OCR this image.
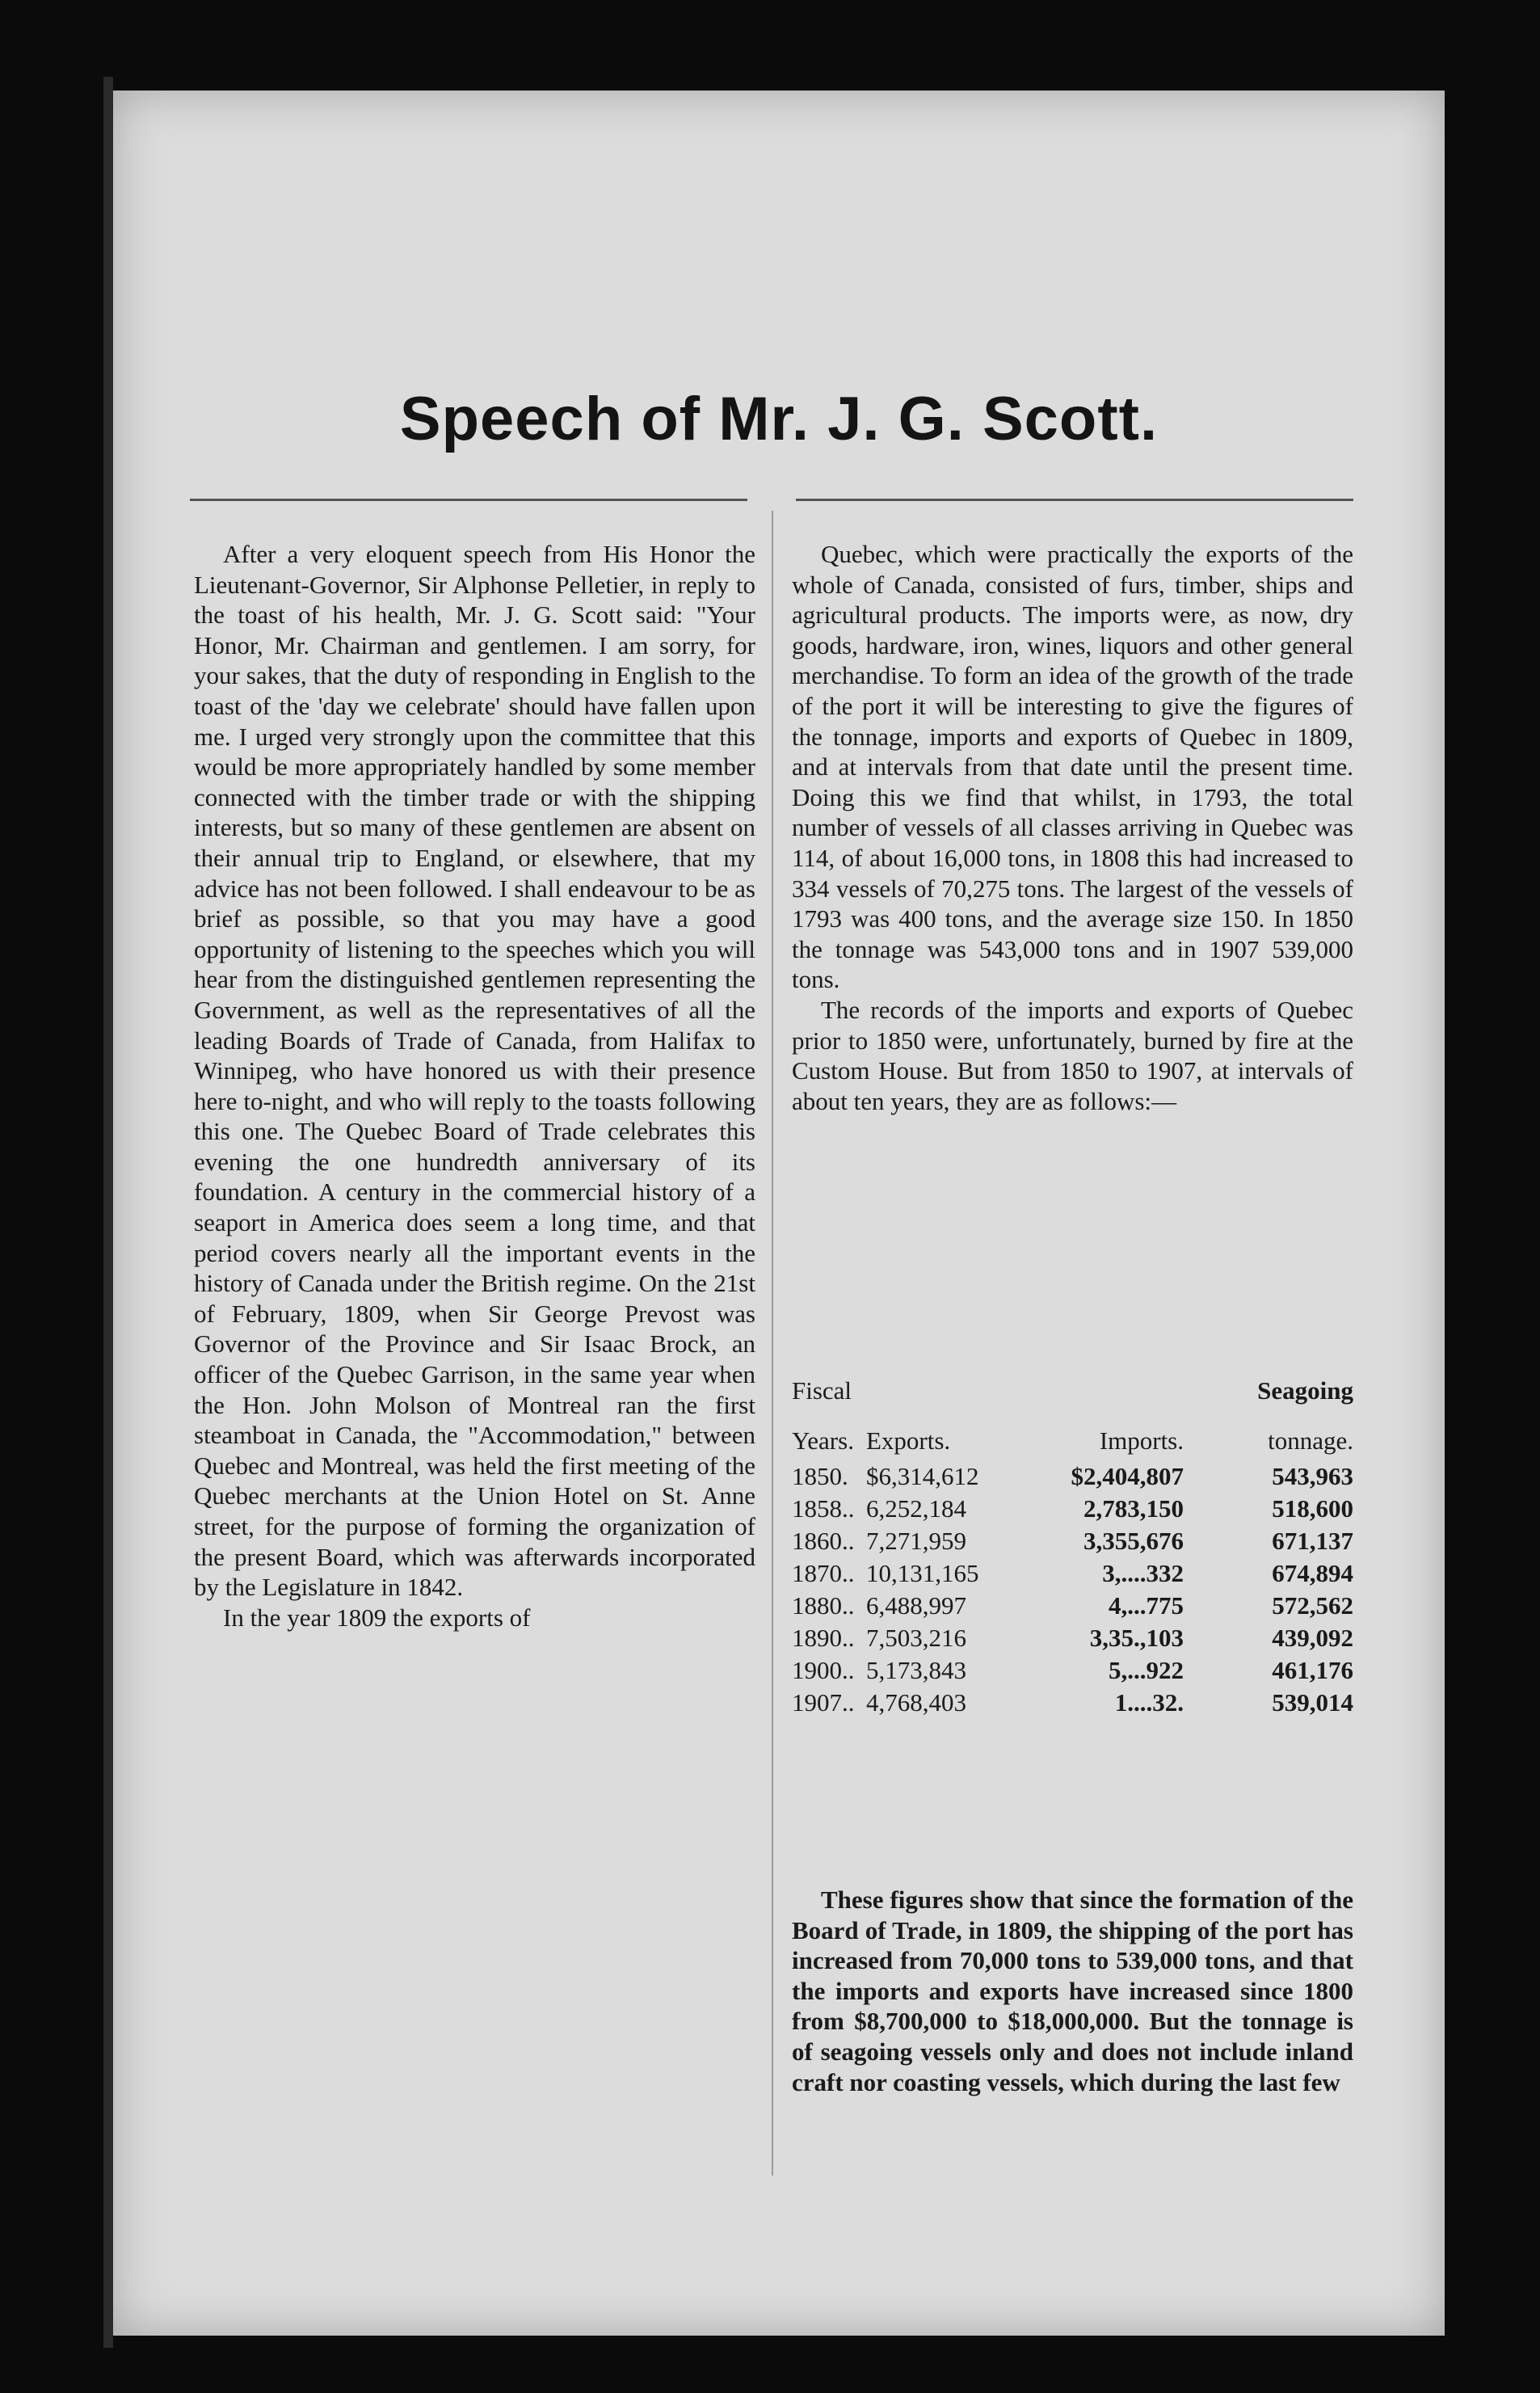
Speech of Mr. J. G. Scott.

After a very eloquent speech from His Honor the Lieutenant-Governor, Sir Alphonse Pelletier, in reply to the toast of his health, Mr. J. G. Scott said: "Your Honor, Mr. Chairman and gentlemen. I am sorry, for your sakes, that the duty of responding in English to the toast of the 'day we celebrate' should have fallen upon me. I urged very strongly upon the committee that this would be more appropriately handled by some member connected with the timber trade or with the shipping interests, but so many of these gentlemen are absent on their annual trip to England, or elsewhere, that my advice has not been followed. I shall endeavour to be as brief as possible, so that you may have a good opportunity of listening to the speeches which you will hear from the distinguished gentlemen representing the Government, as well as the representatives of all the leading Boards of Trade of Canada, from Halifax to Winnipeg, who have honored us with their presence here to-night, and who will reply to the toasts following this one. The Quebec Board of Trade celebrates this evening the one hundredth anniversary of its foundation. A century in the commercial history of a seaport in America does seem a long time, and that period covers nearly all the important events in the history of Canada under the British regime. On the 21st of February, 1809, when Sir George Prevost was Governor of the Province and Sir Isaac Brock, an officer of the Quebec Garrison, in the same year when the Hon. John Molson of Montreal ran the first steamboat in Canada, the "Accommodation," between Quebec and Montreal, was held the first meeting of the Quebec merchants at the Union Hotel on St. Anne street, for the purpose of forming the organization of the present Board, which was afterwards incorporated by the Legislature in 1842.

In the year 1809 the exports of

Quebec, which were practically the exports of the whole of Canada, consisted of furs, timber, ships and agricultural products. The imports were, as now, dry goods, hardware, iron, wines, liquors and other general merchandise. To form an idea of the growth of the trade of the port it will be interesting to give the figures of the tonnage, imports and exports of Quebec in 1809, and at intervals from that date until the present time. Doing this we find that whilst, in 1793, the total number of vessels of all classes arriving in Quebec was 114, of about 16,000 tons, in 1808 this had increased to 334 vessels of 70,275 tons. The largest of the vessels of 1793 was 400 tons, and the average size 150. In 1850 the tonnage was 543,000 tons and in 1907 539,000 tons.

The records of the imports and exports of Quebec prior to 1850 were, unfortunately, burned by fire at the Custom House. But from 1850 to 1907, at intervals of about ten years, they are as follows:—

Fiscal	Seagoing
Years. Exports.	Imports.	tonnage.
1850. $6,314,612	$2,404,807	543,963
1858.. 6,252,184	2,783,150	518,600
1860.. 7,271,959	3,355,676	671,137
1870.. 10,131,165	3,....332	674,894
1880.. 6,488,997	4,...775	572,562
1890.. 7,503,216	3,35.,103	439,092
1900.. 5,173,843	5,...922	461,176
1907.. 4,768,403	1....32.	539,014

These figures show that since the formation of the Board of Trade, in 1809, the shipping of the port has increased from 70,000 tons to 539,000 tons, and that the imports and exports have increased since 1800 from $8,700,000 to $18,000,000. But the tonnage is of seagoing vessels only and does not include inland craft nor coasting vessels, which during the last few
